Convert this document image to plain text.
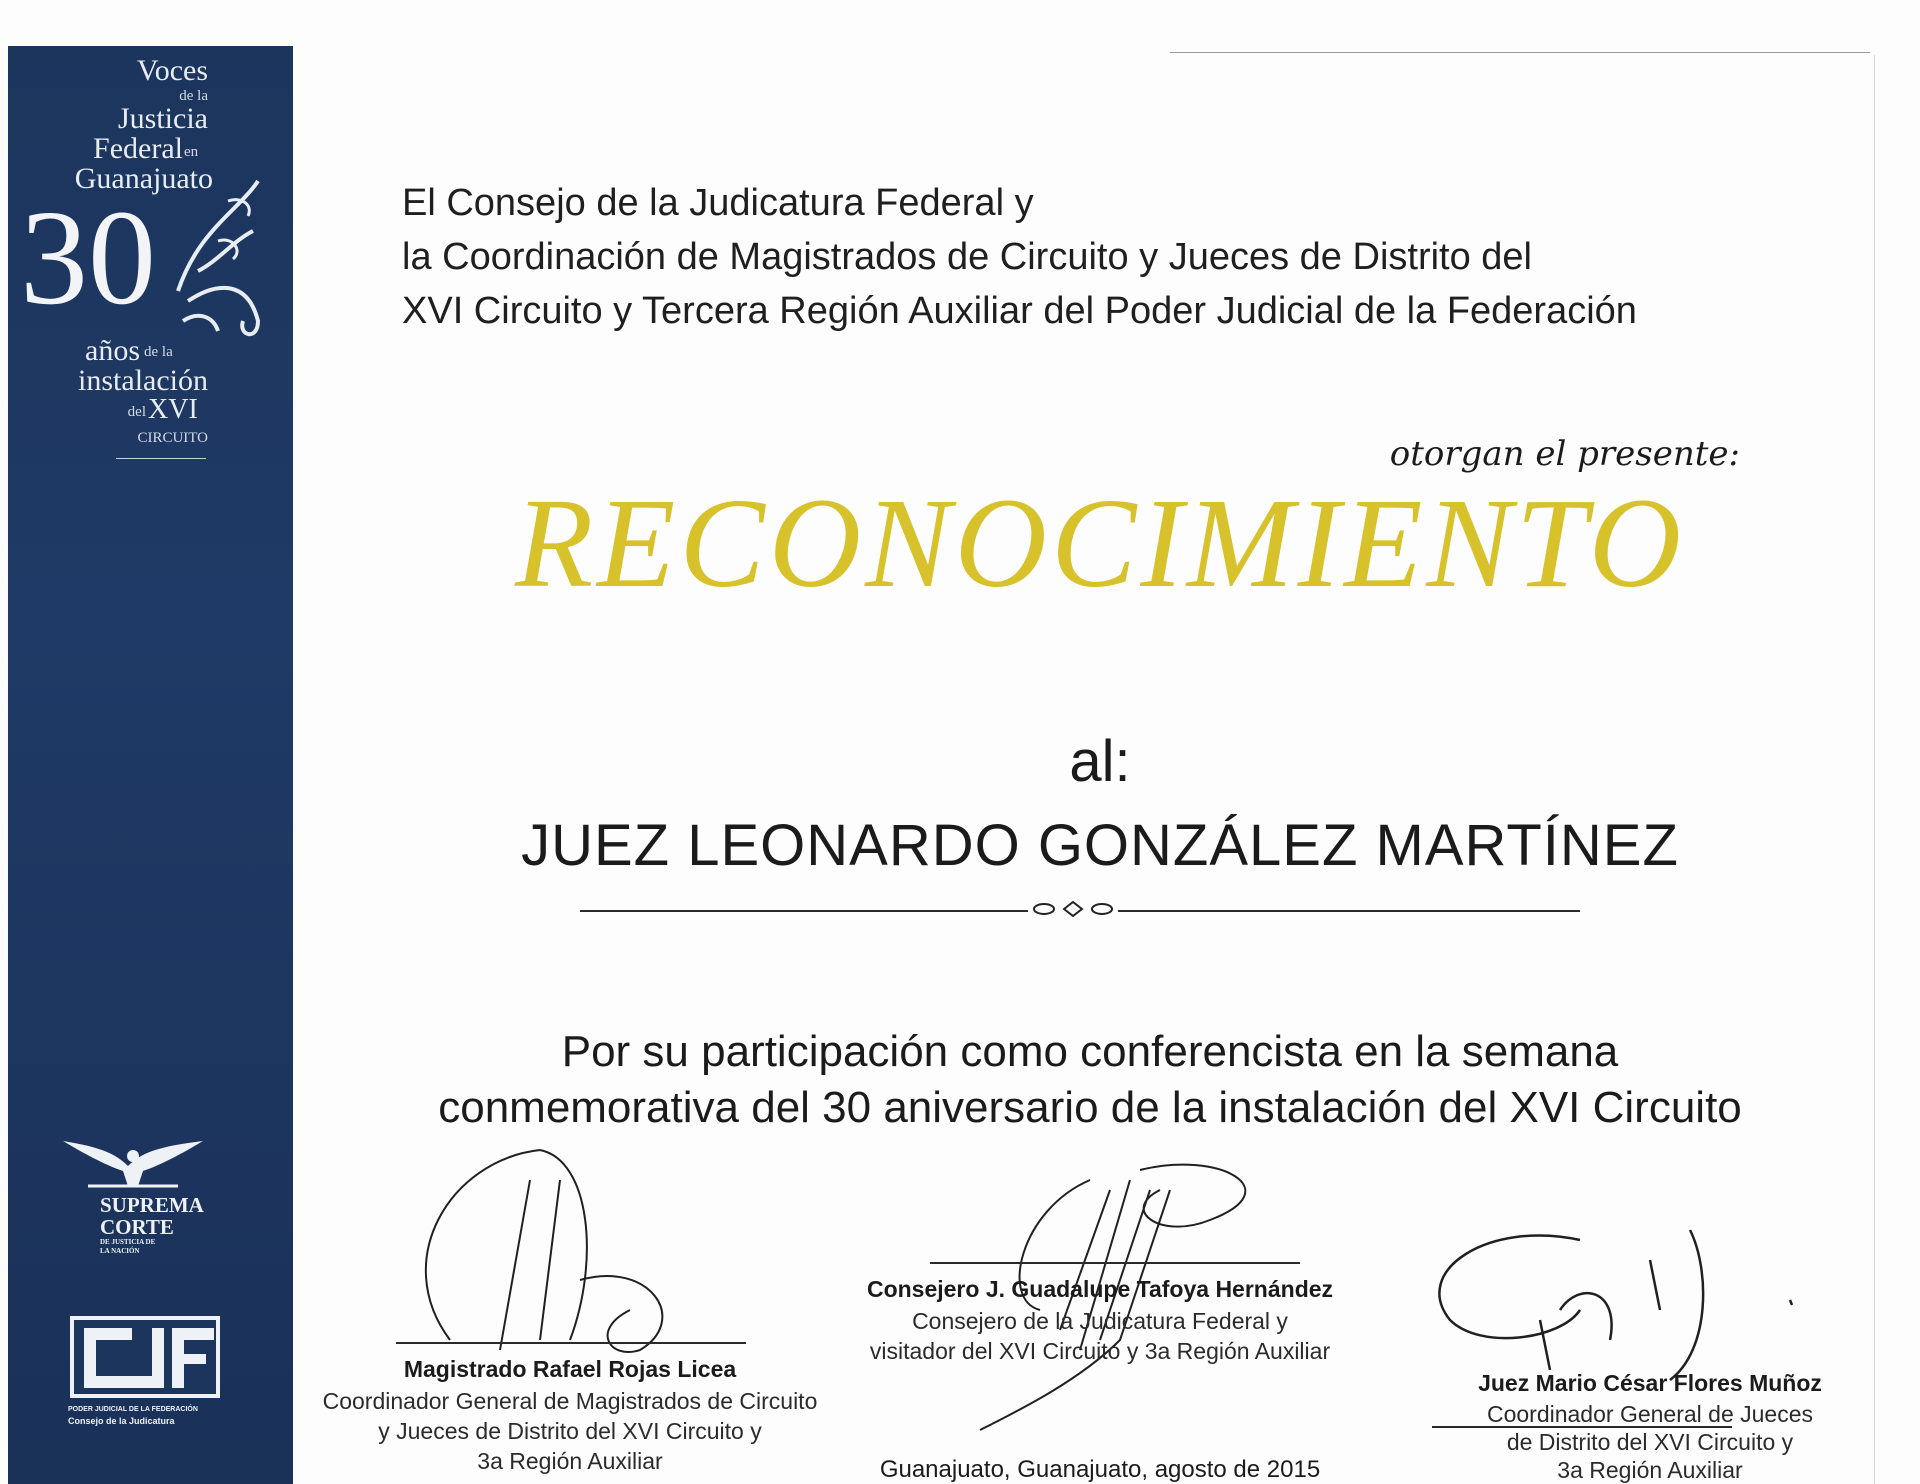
Voces
de la
Justicia
Federal en
Guanajuato
30
años de la
instalación
del XVI
CIRCUITO
SUPREMA
CORTE
DE JUSTICIA DE
LA NACIÓN
PODER JUDICIAL DE LA FEDERACIÓN
Consejo de la Judicatura
El Consejo de la Judicatura Federal y
la Coordinación de Magistrados de Circuito y Jueces de Distrito del
XVI Circuito y Tercera Región Auxiliar del Poder Judicial de la Federación
otorgan el presente:
RECONOCIMIENTO
al:
JUEZ LEONARDO GONZÁLEZ MARTÍNEZ
Por su participación como conferencista en la semana
conmemorativa del 30 aniversario de la instalación del XVI Circuito
Magistrado Rafael Rojas Licea
Coordinador General de Magistrados de Circuito
y Jueces de Distrito del XVI Circuito y
3a Región Auxiliar
Consejero J. Guadalupe Tafoya Hernández
Consejero de la Judicatura Federal y
visitador del XVI Circuito y 3a Región Auxiliar
Juez Mario César Flores Muñoz
Coordinador General de Jueces
de Distrito del XVI Circuito y
3a Región Auxiliar
Guanajuato, Guanajuato, agosto de 2015
